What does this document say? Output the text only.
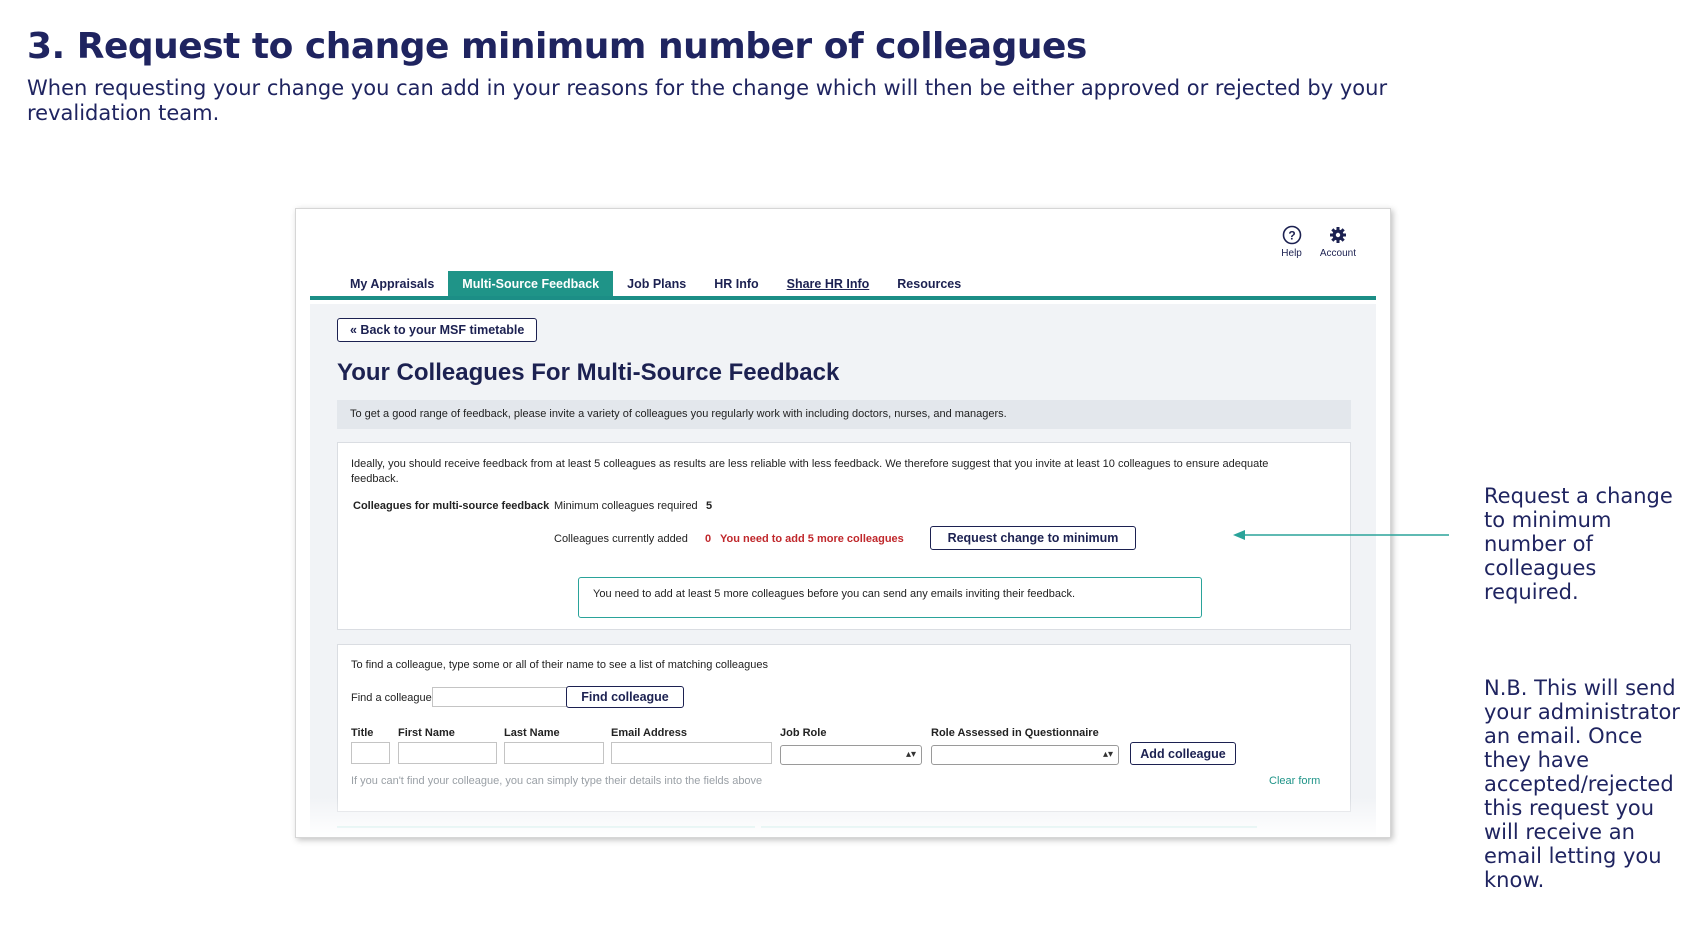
3. Request to change minimum number of colleagues
When requesting your change you can add in your reasons for the change which will then be either approved or rejected by your revalidation team.
?
Help Account
My Appraisals Multi-Source Feedback Job Plans HR Info Share HR Info Resources
« Back to your MSF timetable
Your Colleagues For Multi-Source Feedback
To get a good range of feedback, please invite a variety of colleagues you regularly work with including doctors, nurses, and managers.
Ideally, you should receive feedback from at least 5 colleagues as results are less reliable with less feedback. We therefore suggest that you invite at least 10 colleagues to ensure adequate feedback.
Colleagues for multi-source feedback Minimum colleagues required 5
Colleagues currently added 0 You need to add 5 more colleagues	Request change to minimum
You need to add at least 5 more colleagues before you can send any emails inviting their feedback.
To find a colleague, type some or all of their name to see a list of matching colleagues
Find a colleague	Find colleague
Title First Name	Last Name	Email Address	Job Role	Role Assessed in Questionnaire
▴▾	▴▾	Add colleague
If you can't find your colleague, you can simply type their details into the fields above	Clear form

Request a change to minimum number of colleagues required.

N.B. This will send your administrator an email. Once they have accepted/rejected this request you will receive an email letting you know.
